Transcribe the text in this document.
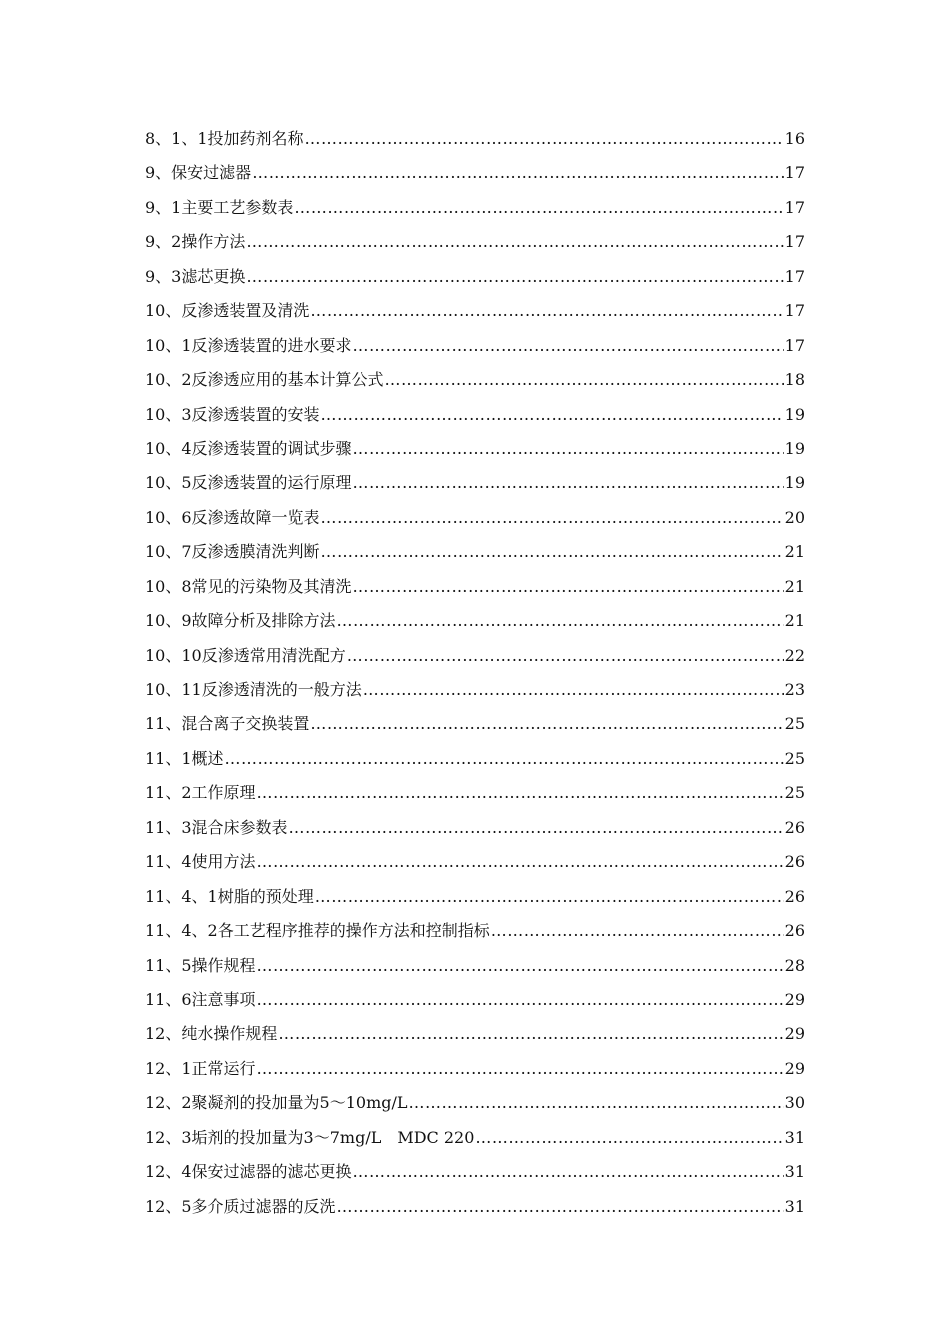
8、1、1投加药剂名称 ……………………………………………………………………………………………………………………………………………………………………………………………………	16
9、保安过滤器 ……………………………………………………………………………………………………………………………………………………………………………………………………	17
9、1主要工艺参数表 ……………………………………………………………………………………………………………………………………………………………………………………………………	17
9、2操作方法 ……………………………………………………………………………………………………………………………………………………………………………………………………	17
9、3滤芯更换 ……………………………………………………………………………………………………………………………………………………………………………………………………	17
10、反渗透装置及清洗 ……………………………………………………………………………………………………………………………………………………………………………………………………	17
10、1反渗透装置的进水要求 ……………………………………………………………………………………………………………………………………………………………………………………………………	17
10、2反渗透应用的基本计算公式 ……………………………………………………………………………………………………………………………………………………………………………………………………	18
10、3反渗透装置的安装 ……………………………………………………………………………………………………………………………………………………………………………………………………	19
10、4反渗透装置的调试步骤 ……………………………………………………………………………………………………………………………………………………………………………………………………	19
10、5反渗透装置的运行原理 ……………………………………………………………………………………………………………………………………………………………………………………………………	19
10、6反渗透故障一览表 ……………………………………………………………………………………………………………………………………………………………………………………………………	20
10、7反渗透膜清洗判断 ……………………………………………………………………………………………………………………………………………………………………………………………………	21
10、8常见的污染物及其清洗 ……………………………………………………………………………………………………………………………………………………………………………………………………	21
10、9故障分析及排除方法 ……………………………………………………………………………………………………………………………………………………………………………………………………	21
10、10反渗透常用清洗配方 ……………………………………………………………………………………………………………………………………………………………………………………………………	22
10、11反渗透清洗的一般方法 ……………………………………………………………………………………………………………………………………………………………………………………………………	23
11、混合离子交换装置 ……………………………………………………………………………………………………………………………………………………………………………………………………	25
11、1概述 ……………………………………………………………………………………………………………………………………………………………………………………………………	25
11、2工作原理 ……………………………………………………………………………………………………………………………………………………………………………………………………	25
11、3混合床参数表 ……………………………………………………………………………………………………………………………………………………………………………………………………	26
11、4使用方法 ……………………………………………………………………………………………………………………………………………………………………………………………………	26
11、4、1树脂的预处理 ……………………………………………………………………………………………………………………………………………………………………………………………………	26
11、4、2各工艺程序推荐的操作方法和控制指标 ……………………………………………………………………………………………………………………………………………………………………………………………………	26
11、5操作规程 ……………………………………………………………………………………………………………………………………………………………………………………………………	28
11、6注意事项 ……………………………………………………………………………………………………………………………………………………………………………………………………	29
12、纯水操作规程 ……………………………………………………………………………………………………………………………………………………………………………………………………	29
12、1正常运行 ……………………………………………………………………………………………………………………………………………………………………………………………………	29
12、2聚凝剂的投加量为5～10mg/L ……………………………………………………………………………………………………………………………………………………………………………………………………	30
12、3垢剂的投加量为3～7mg/L　MDC 220 ……………………………………………………………………………………………………………………………………………………………………………………………………	31
12、4保安过滤器的滤芯更换 ……………………………………………………………………………………………………………………………………………………………………………………………………	31
12、5多介质过滤器的反洗 ……………………………………………………………………………………………………………………………………………………………………………………………………	31
